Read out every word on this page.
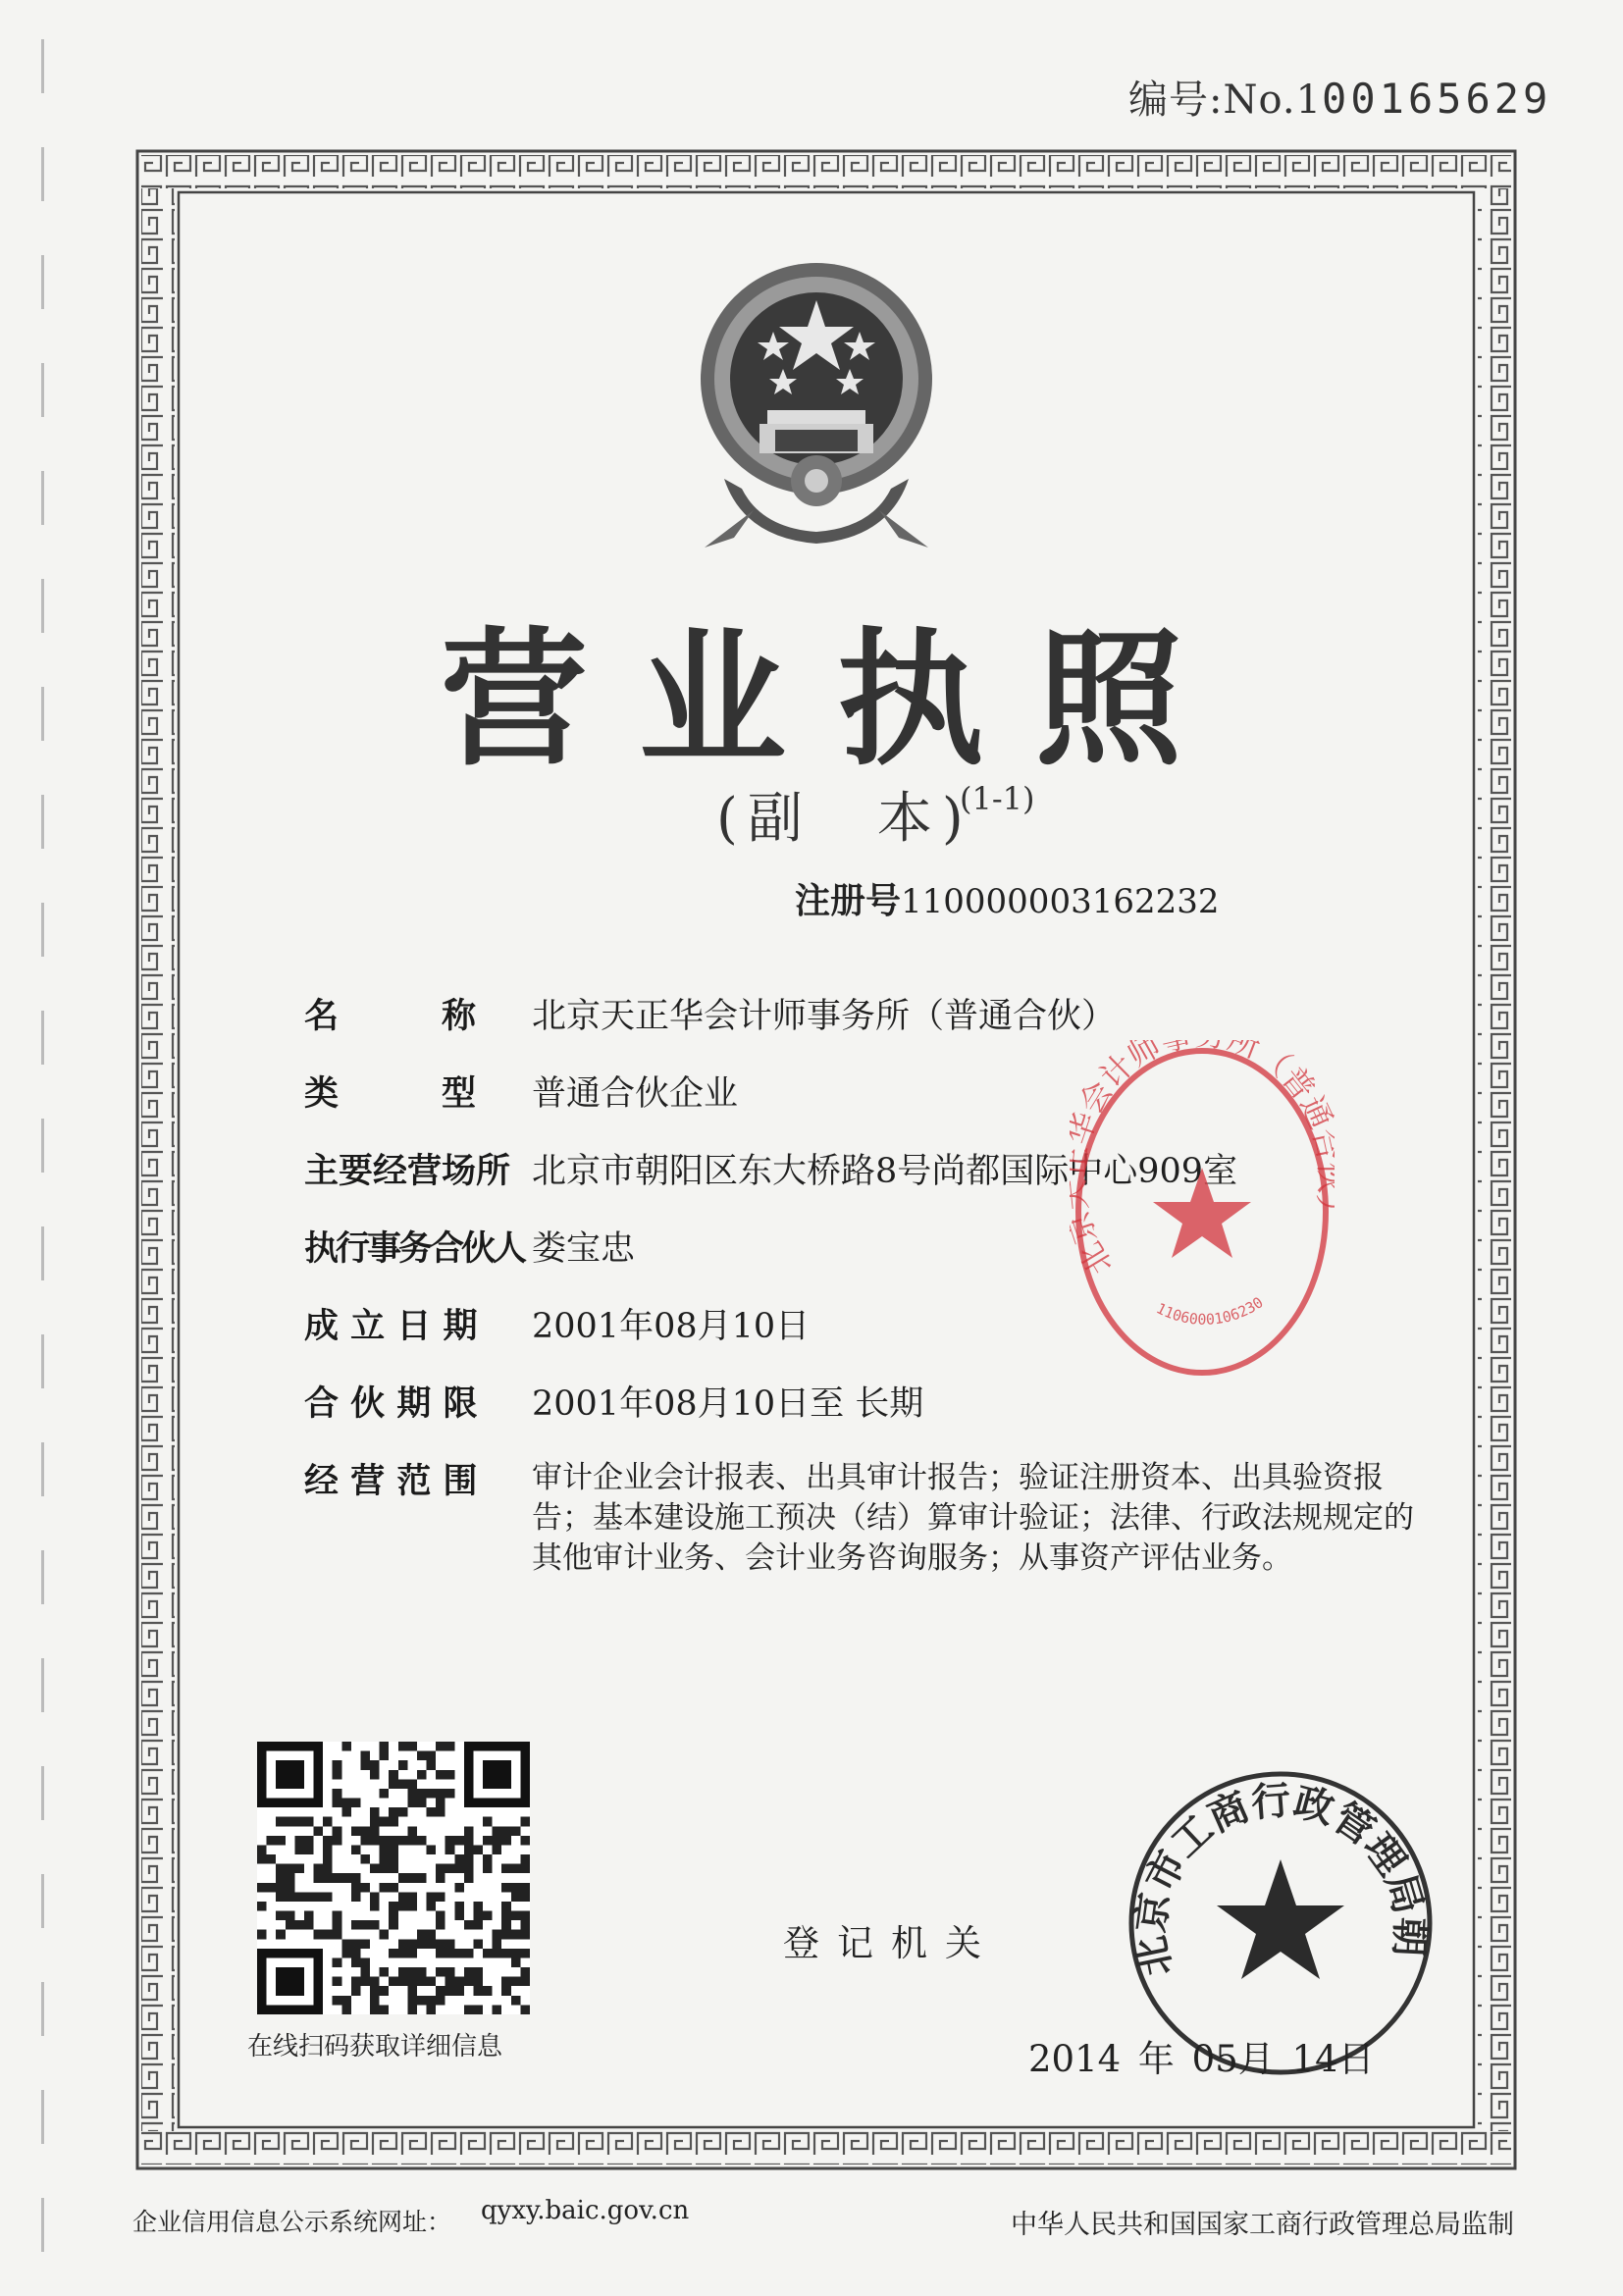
编号:No.100165629
营业执照
(副　本)
(1-1)
注册号110000003162232
名　　　称	北京天正华会计师事务所（普通合伙）
类　　　型	普通合伙企业
主要经营场所 北京市朝阳区东大桥路8号尚都国际中心909室
执行事务合伙人 娄宝忠
成 立 日 期	2001年08月10日
合 伙 期 限	2001年08月10日至 长期
经 营 范 围	审计企业会计报表、出具审计报告；验证注册资本、出具验资报告；基本建设施工预决（结）算审计验证；法律、行政法规规定的其他审计业务、会计业务咨询服务；从事资产评估业务。
北 会计师 所（普
1106000106230
在线扫码获取详细信息
北京市工商行政管理局朝
登记机关
2014 年 05月 14日
企业信用信息公示系统网址： qyxy.baic.gov.cn	中华人民共和国国家工商行政管理总局监制
